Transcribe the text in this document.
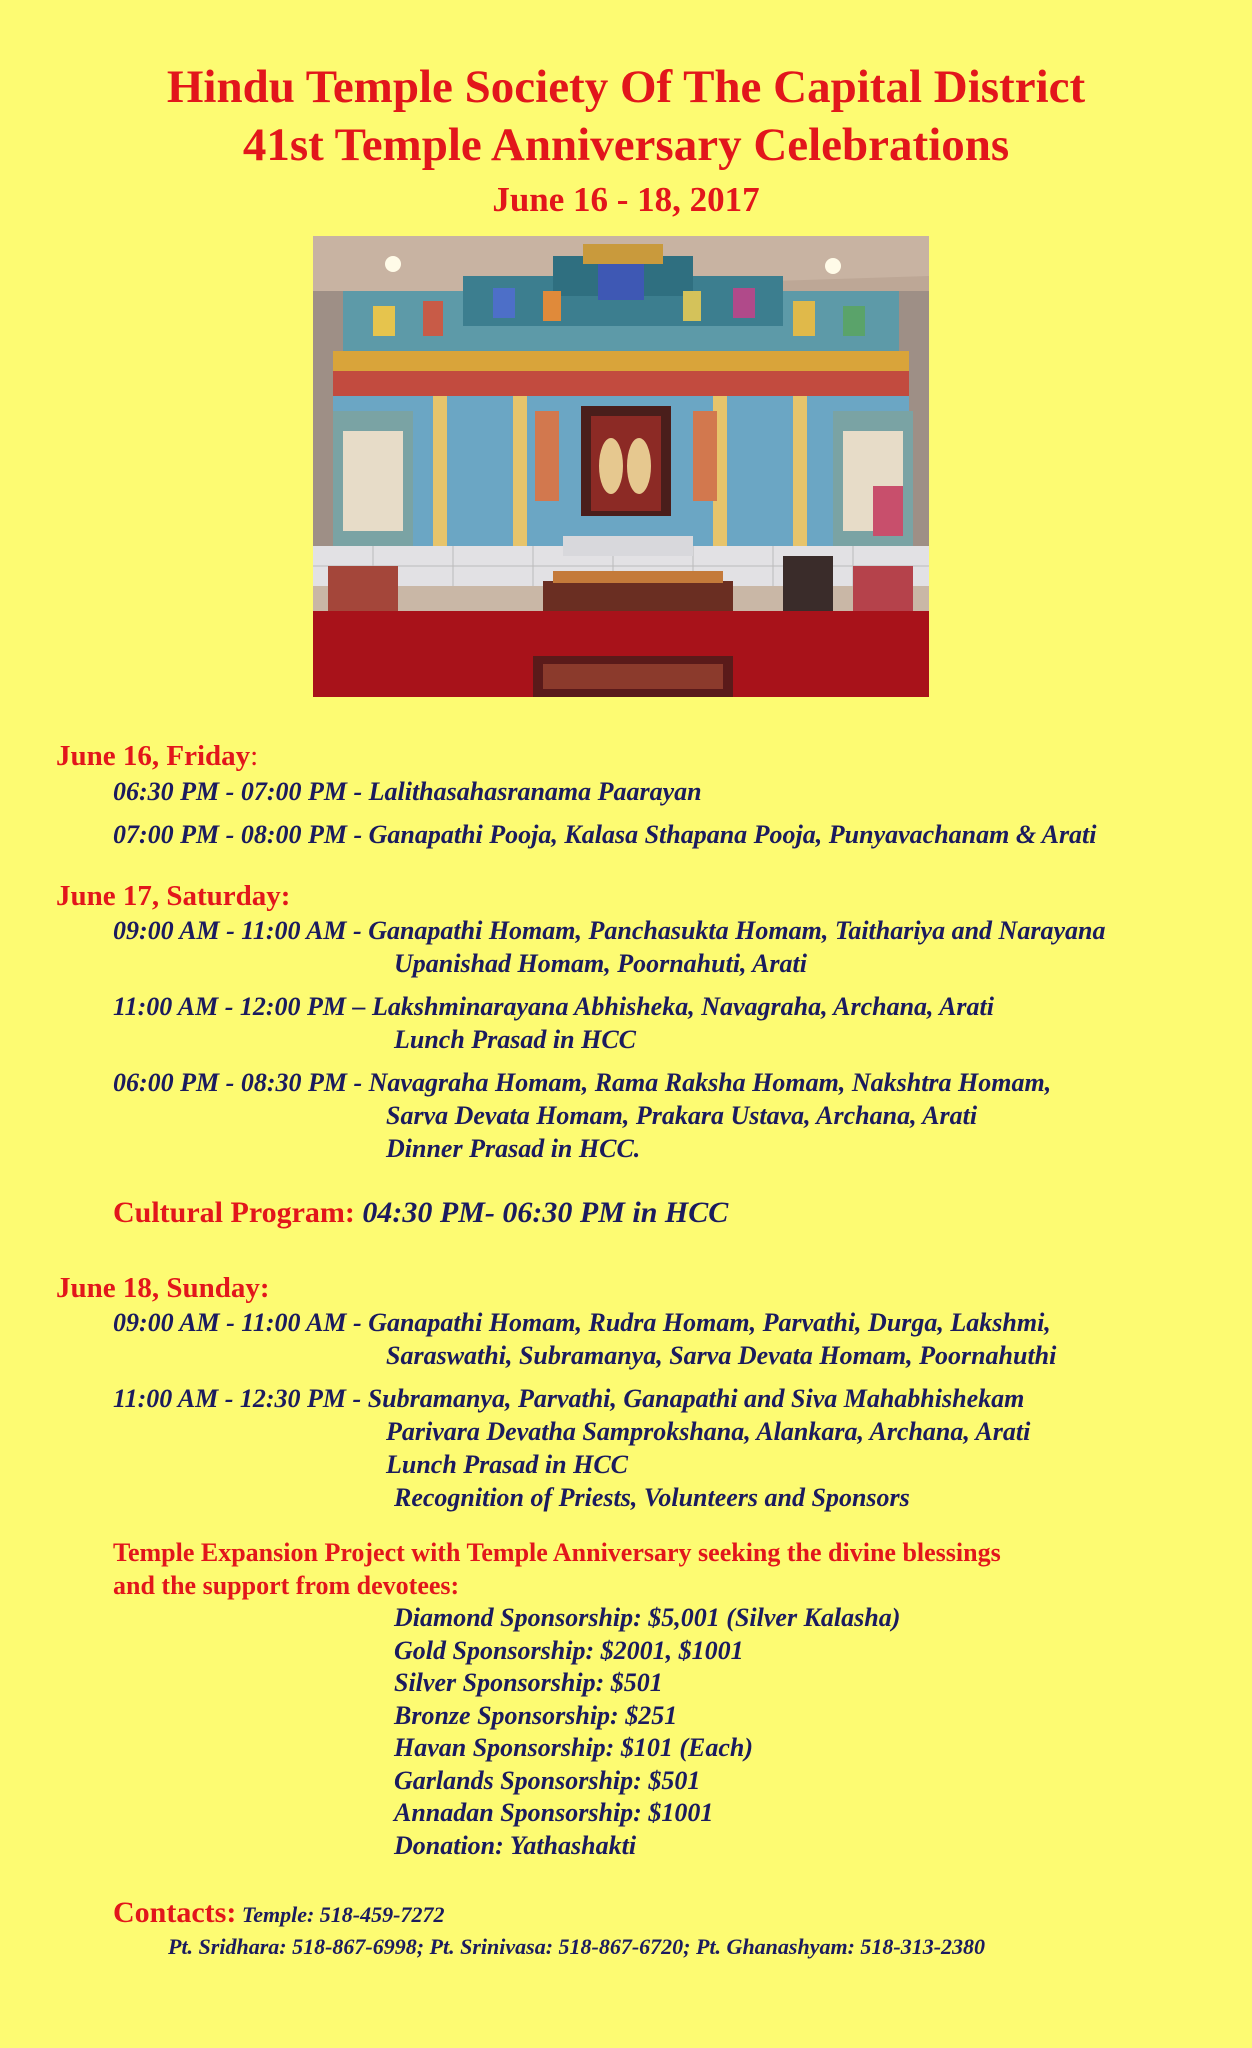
Hindu Temple Society Of The Capital District
41st Temple Anniversary Celebrations
June 16 - 18, 2017
June 16, Friday:
06:30 PM - 07:00 PM - Lalithasahasranama Paarayan
07:00 PM - 08:00 PM - Ganapathi Pooja, Kalasa Sthapana Pooja, Punyavachanam & Arati
June 17, Saturday:
09:00 AM - 11:00 AM - Ganapathi Homam, Panchasukta Homam, Taithariya and Narayana
Upanishad Homam, Poornahuti, Arati
11:00 AM - 12:00 PM – Lakshminarayana Abhisheka, Navagraha, Archana, Arati
Lunch Prasad in HCC
06:00 PM - 08:30 PM - Navagraha Homam, Rama Raksha Homam, Nakshtra Homam,
Sarva Devata Homam, Prakara Ustava, Archana, Arati
Dinner Prasad in HCC.
Cultural Program: 04:30 PM- 06:30 PM in HCC
June 18, Sunday:
09:00 AM - 11:00 AM - Ganapathi Homam, Rudra Homam, Parvathi, Durga, Lakshmi,
Saraswathi, Subramanya, Sarva Devata Homam, Poornahuthi
11:00 AM - 12:30 PM - Subramanya, Parvathi, Ganapathi and Siva Mahabhishekam
Parivara Devatha Samprokshana, Alankara, Archana, Arati
Lunch Prasad in HCC
Recognition of Priests, Volunteers and Sponsors
Temple Expansion Project with Temple Anniversary seeking the divine blessings
and the support from devotees:
Diamond Sponsorship: $5,001 (Silver Kalasha)
Gold Sponsorship: $2001, $1001
Silver Sponsorship: $501
Bronze Sponsorship: $251
Havan Sponsorship: $101 (Each)
Garlands Sponsorship: $501
Annadan Sponsorship: $1001
Donation: Yathashakti
Contacts: Temple: 518-459-7272
Pt. Sridhara: 518-867-6998; Pt. Srinivasa: 518-867-6720; Pt. Ghanashyam: 518-313-2380
